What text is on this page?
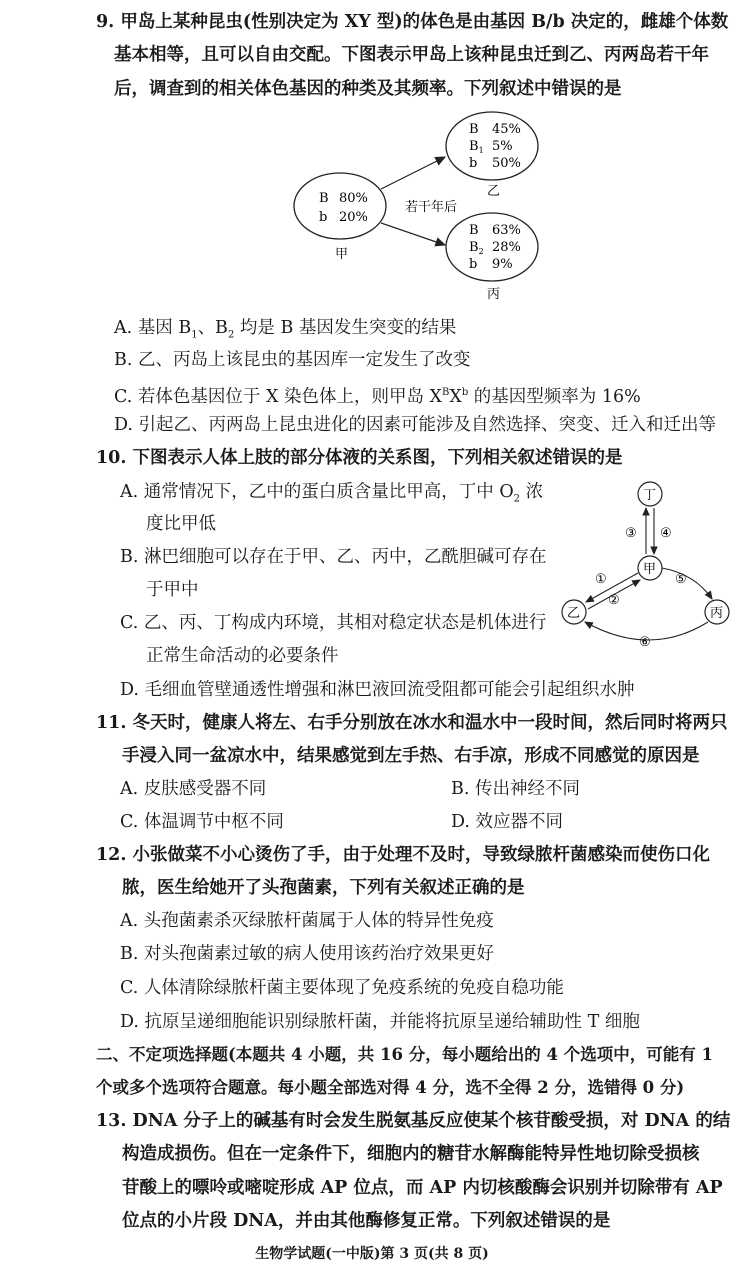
9. 甲岛上某种昆虫(性别决定为 XY 型)的体色是由基因 B/b 决定的，雌雄个体数
基本相等，且可以自由交配。下图表示甲岛上该种昆虫迁到乙、丙两岛若干年
后，调查到的相关体色基因的种类及其频率。下列叙述中错误的是
B 80%
b 20%
甲
B 45%
$B_1$ 5%
b 50%
乙
B 63%
$B_2$ 28%
b 9%
丙
若干年后
A. 基因 $B_1$、$B_2$ 均是 B 基因发生突变的结果
B. 乙、丙岛上该昆虫的基因库一定发生了改变
C. 若体色基因位于 X 染色体上，则甲岛 $X^BX^b$ 的基因型频率为 16%
D. 引起乙、丙两岛上昆虫进化的因素可能涉及自然选择、突变、迁入和迁出等
10. 下图表示人体上肢的部分体液的关系图，下列相关叙述错误的是
A. 通常情况下，乙中的蛋白质含量比甲高，丁中 $O_2$ 浓
度比甲低
B. 淋巴细胞可以存在于甲、乙、丙中，乙酰胆碱可存在
于甲中
C. 乙、丙、丁构成内环境，其相对稳定状态是机体进行
正常生命活动的必要条件
D. 毛细血管壁通透性增强和淋巴液回流受阻都可能会引起组织水肿
丁
甲
乙	丙
③ ④
①
②
⑤
⑥
11. 冬天时，健康人将左、右手分别放在冰水和温水中一段时间，然后同时将两只
手浸入同一盆凉水中，结果感觉到左手热、右手凉，形成不同感觉的原因是
A. 皮肤感受器不同	B. 传出神经不同
C. 体温调节中枢不同	D. 效应器不同
12. 小张做菜不小心烫伤了手，由于处理不及时，导致绿脓杆菌感染而使伤口化
脓，医生给她开了头孢菌素，下列有关叙述正确的是
A. 头孢菌素杀灭绿脓杆菌属于人体的特异性免疫
B. 对头孢菌素过敏的病人使用该药治疗效果更好
C. 人体清除绿脓杆菌主要体现了免疫系统的免疫自稳功能
D. 抗原呈递细胞能识别绿脓杆菌，并能将抗原呈递给辅助性 T 细胞
二、不定项选择题(本题共 4 小题，共 16 分，每小题给出的 4 个选项中，可能有 1
个或多个选项符合题意。每小题全部选对得 4 分，选不全得 2 分，选错得 0 分)
13. DNA 分子上的碱基有时会发生脱氨基反应使某个核苷酸受损，对 DNA 的结
构造成损伤。但在一定条件下，细胞内的糖苷水解酶能特异性地切除受损核
苷酸上的嘌呤或嘧啶形成 AP 位点，而 AP 内切核酸酶会识别并切除带有 AP
位点的小片段 DNA，并由其他酶修复正常。下列叙述错误的是
生物学试题(一中版)第 3 页(共 8 页)
